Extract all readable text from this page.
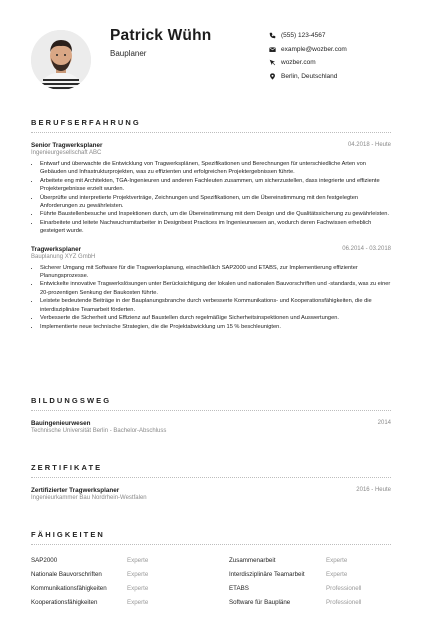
Patrick Wühn
Bauplaner
(555) 123-4567
example@wozber.com
wozber.com
Berlin, Deutschland
BERUFSERFAHRUNG
Senior Tragwerksplaner
Ingenieurgesellschaft ABC
04.2018 - Heute
• Entwarf und überwachte die Entwicklung von Tragwerksplänen, Spezifikationen und Berechnungen für unterschiedliche Arten von Gebäuden und Infrastrukturprojekten, was zu effizienten und erfolgreichen Projektergebnissen führte.
• Arbeitete eng mit Architekten, TGA-Ingenieuren und anderen Fachleuten zusammen, um sicherzustellen, dass integrierte und effiziente Projektergebnisse erzielt wurden.
• Überprüfte und interpretierte Projektverträge, Zeichnungen und Spezifikationen, um die Übereinstimmung mit den festgelegten Anforderungen zu gewährleisten.
• Führte Baustellenbesuche und Inspektionen durch, um die Übereinstimmung mit dem Design und die Qualitätssicherung zu gewährleisten.
• Einarbeitete und leitete Nachwuchsmitarbeiter in Designbest Practices im Ingenieurwesen an, wodurch deren Fachwissen erheblich gesteigert wurde.
Tragwerksplaner
Bauplanung XYZ GmbH
06.2014 - 03.2018
• Sicherer Umgang mit Software für die Tragwerksplanung, einschließlich SAP2000 und ETABS, zur Implementierung effizienter Planungsprozesse.
• Entwickelte innovative Tragwerkslösungen unter Berücksichtigung der lokalen und nationalen Bauvorschriften und -standards, was zu einer 20-prozentigen Senkung der Baukosten führte.
• Leistete bedeutende Beiträge in der Bauplanungsbranche durch verbesserte Kommunikations- und Kooperationsfähigkeiten, die die interdisziplinäre Teamarbeit förderten.
• Verbesserte die Sicherheit und Effizienz auf Baustellen durch regelmäßige Sicherheitsinspektionen und Auswertungen.
• Implementierte neue technische Strategien, die die Projektabwicklung um 15 % beschleunigten.
BILDUNGSWEG
Bauingenieurwesen
Technische Universität Berlin - Bachelor-Abschluss
2014
ZERTIFIKATE
Zertifizierter Tragwerksplaner
Ingenieurkammer Bau Nordrhein-Westfalen
2016 - Heute
FÄHIGKEITEN
SAP2000	Experte	Zusammenarbeit	Experte
Nationale Bauvorschriften	Experte	Interdisziplinäre Teamarbeit	Experte
Kommunikationsfähigkeiten	Experte	ETABS	Professionell
Kooperationsfähigkeiten	Experte	Software für Baupläne	Professionell
